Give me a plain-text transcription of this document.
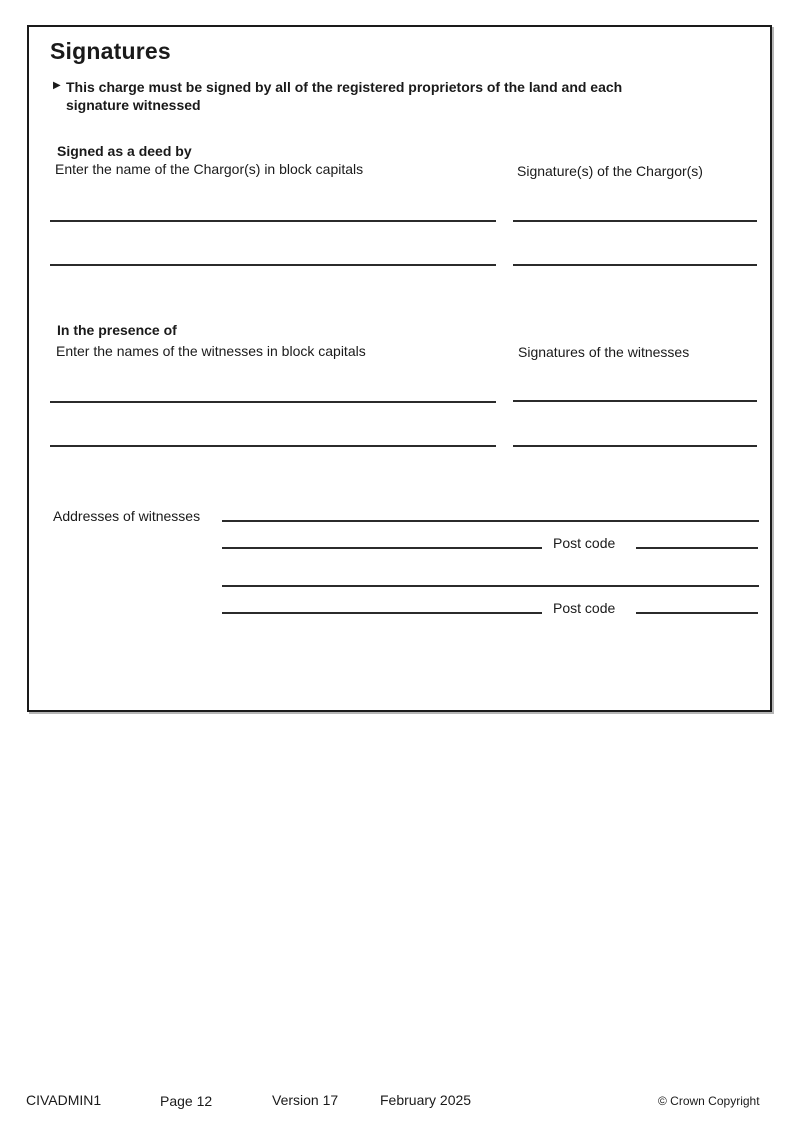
Signatures
▶ This charge must be signed by all of the registered proprietors of the land and each
signature witnessed
Signed as a deed by
Enter the name of the Chargor(s) in block capitals	Signature(s) of the Chargor(s)
In the presence of
Enter the names of the witnesses in block capitals	Signatures of the witnesses
Addresses of witnesses
Post code
Post code
CIVADMIN1	Page 12	Version 17	February 2025	© Crown Copyright
